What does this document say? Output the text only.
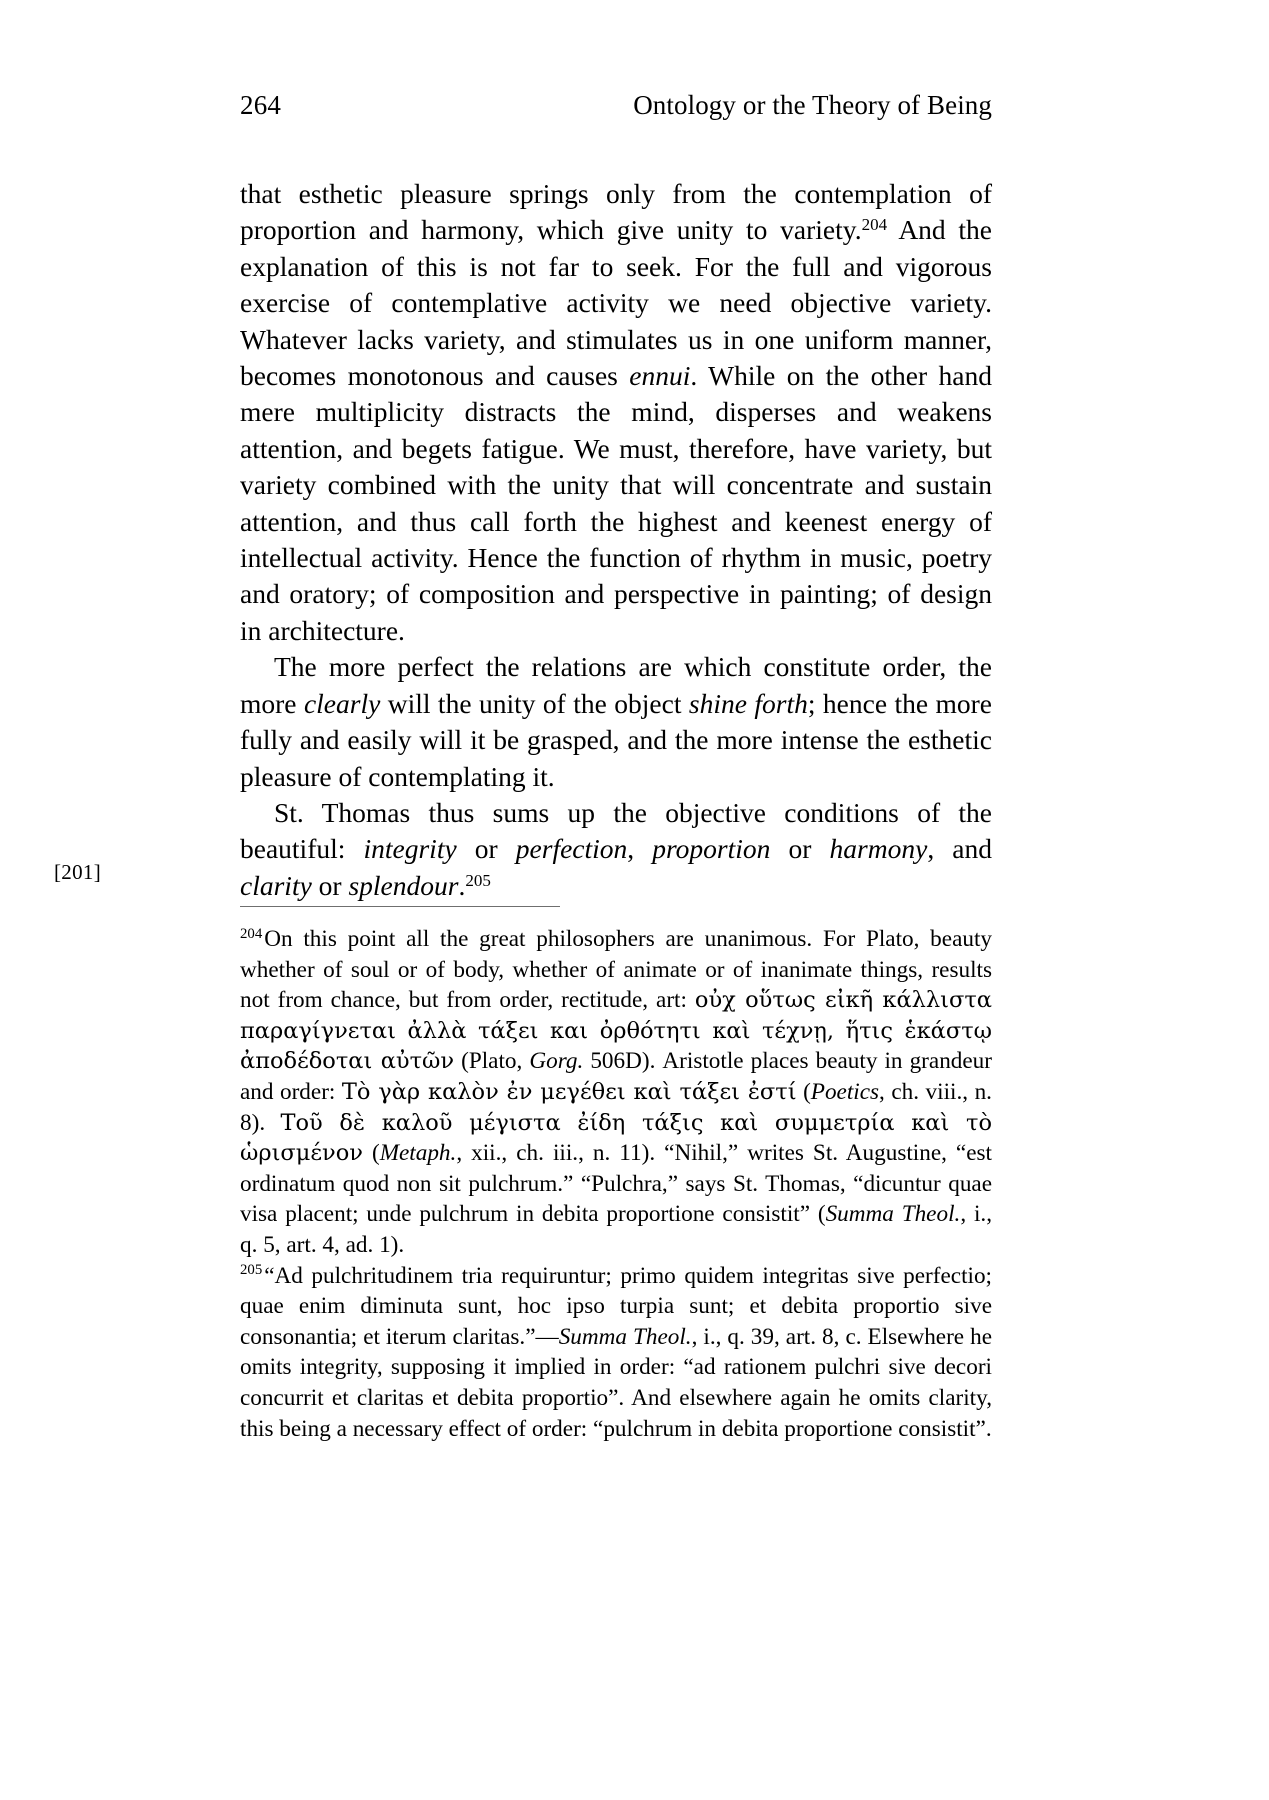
264	Ontology or the Theory of Being

that esthetic pleasure springs only from the contemplation of proportion and harmony, which give unity to variety.$^{204}$ And the explanation of this is not far to seek. For the full and vigorous exercise of contemplative activity we need objective variety. Whatever lacks variety, and stimulates us in one uniform manner, becomes monotonous and causes ennui. While on the other hand mere multiplicity distracts the mind, disperses and weakens attention, and begets fatigue. We must, therefore, have variety, but variety combined with the unity that will concentrate and sustain attention, and thus call forth the highest and keenest energy of intellectual activity. Hence the function of rhythm in music, poetry and oratory; of composition and perspective in painting; of design in architecture.

The more perfect the relations are which constitute order, the more clearly will the unity of the object shine forth; hence the more fully and easily will it be grasped, and the more intense the esthetic pleasure of contemplating it.

St. Thomas thus sums up the objective conditions of the beautiful: integrity or perfection, proportion or harmony, and clarity or splendour.$^{205}$

[201]

$^{204}$On this point all the great philosophers are unanimous. For Plato, beauty whether of soul or of body, whether of animate or of inanimate things, results not from chance, but from order, rectitude, art: οὐχ οὕτως εἰκῆ κάλλιστα παραγίγνεται ἀλλὰ τάξει και ὀρθότητι καὶ τέχνῃ, ἥτις ἑκάστῳ ἀποδέδοται αὐτῶν (Plato, Gorg. 506D). Aristotle places beauty in grandeur and order: Τὸ γὰρ καλὸν ἐν μεγέθει καὶ τάξει ἐστί (Poetics, ch. viii., n. 8). Τοῦ δὲ καλοῦ μέγιστα ἐίδη τάξις καὶ συμμετρία καὶ τὸ ὡρισμένον (Metaph., xii., ch. iii., n. 11). “Nihil,” writes St. Augustine, “est ordinatum quod non sit pulchrum.” “Pulchra,” says St. Thomas, “dicuntur quae visa placent; unde pulchrum in debita proportione consistit” (Summa Theol., i., q. 5, art. 4, ad. 1).

$^{205}$“Ad pulchritudinem tria requiruntur; primo quidem integritas sive perfectio; quae enim diminuta sunt, hoc ipso turpia sunt; et debita proportio sive consonantia; et iterum claritas.”—Summa Theol., i., q. 39, art. 8, c. Elsewhere he omits integrity, supposing it implied in order: “ad rationem pulchri sive decori concurrit et claritas et debita proportio”. And elsewhere again he omits clarity, this being a necessary effect of order: “pulchrum in debita proportione consistit”.
